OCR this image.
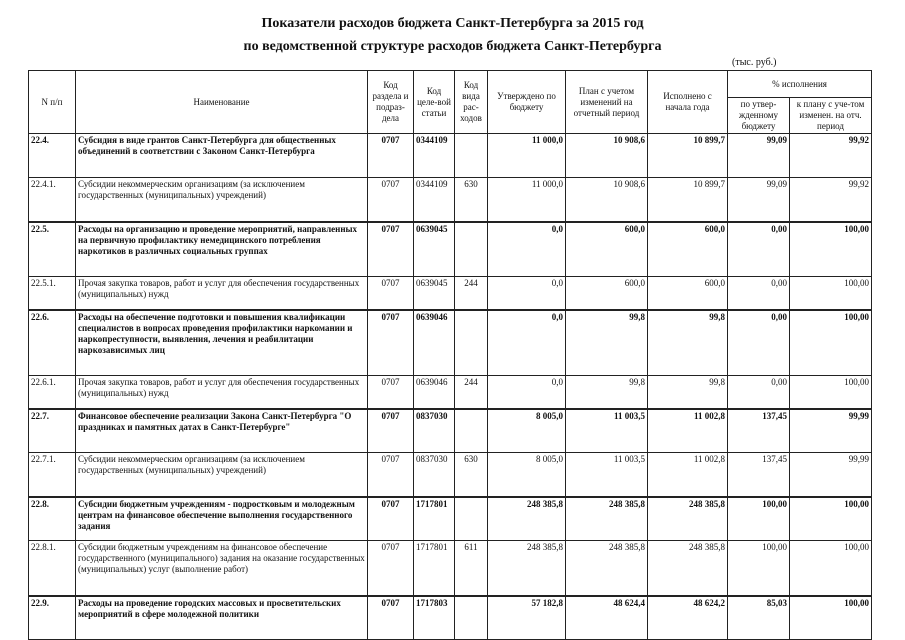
Показатели расходов бюджета Санкт-Петербурга за 2015 год
по ведомственной структуре расходов бюджета Санкт-Петербурга
(тыс. руб.)
N п/п	Наименование	Код раздела и подраз-дела	Код целе-вой статьи	Код вида рас-ходов	Утверждено по бюджету	План с учетом изменений на отчетный период	Исполнено с начала года	% исполнения	
								по утвер-жденному бюджету	к плану с уче-том изменен. на отч. период
22.4.	Субсидия в виде грантов Санкт-Петербурга для общественных объединений в соответствии с Законом Санкт-Петербурга	0707	0344109		11 000,0	10 908,6	10 899,7	99,09	99,92
22.4.1.	Субсидии некоммерческим организациям (за исключением государственных (муниципальных) учреждений)	0707	0344109	630	11 000,0	10 908,6	10 899,7	99,09	99,92
22.5.	Расходы на организацию и проведение мероприятий, направленных на первичную профилактику немедицинского потребления наркотиков в различных социальных группах	0707	0639045		0,0	600,0	600,0	0,00	100,00
22.5.1.	Прочая закупка товаров, работ и услуг для обеспечения государственных (муниципальных) нужд	0707	0639045	244	0,0	600,0	600,0	0,00	100,00
22.6.	Расходы на обеспечение подготовки и повышения квалификации специалистов в вопросах проведения профилактики наркомании и наркопреступности, выявления, лечения и реабилитации наркозависимых лиц	0707	0639046		0,0	99,8	99,8	0,00	100,00
22.6.1.	Прочая закупка товаров, работ и услуг для обеспечения государственных (муниципальных) нужд	0707	0639046	244	0,0	99,8	99,8	0,00	100,00
22.7.	Финансовое обеспечение реализации Закона Санкт-Петербурга "О праздниках и памятных датах в Санкт-Петербурге"	0707	0837030		8 005,0	11 003,5	11 002,8	137,45	99,99
22.7.1.	Субсидии некоммерческим организациям (за исключением государственных (муниципальных) учреждений)	0707	0837030	630	8 005,0	11 003,5	11 002,8	137,45	99,99
22.8.	Субсидии бюджетным учреждениям - подростковым и молодежным центрам на финансовое обеспечение выполнения государственного задания	0707	1717801		248 385,8	248 385,8	248 385,8	100,00	100,00
22.8.1.	Субсидии бюджетным учреждениям на финансовое обеспечение государственного (муниципального) задания на оказание государственных (муниципальных) услуг (выполнение работ)	0707	1717801	611	248 385,8	248 385,8	248 385,8	100,00	100,00
22.9.	Расходы на проведение городских массовых и просветительских мероприятий в сфере молодежной политики	0707	1717803		57 182,8	48 624,4	48 624,2	85,03	100,00
